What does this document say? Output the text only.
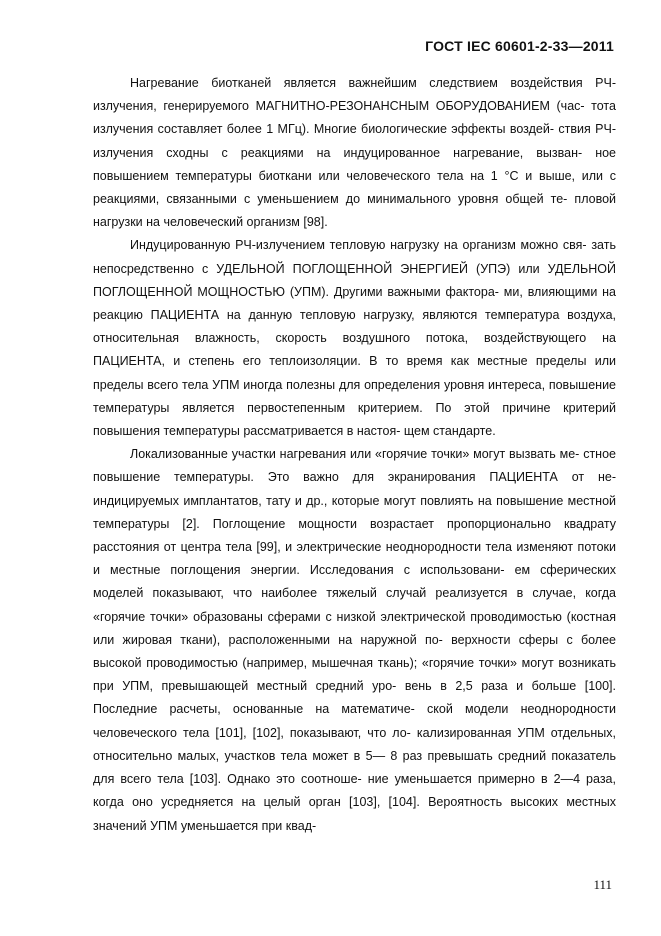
ГОСТ IEC 60601-2-33—2011

Нагревание биотканей является важнейшим следствием воздействия РЧ- излучения, генерируемого МАГНИТНО-РЕЗОНАНСНЫМ ОБОРУДОВАНИЕМ (час- тота излучения составляет более 1 МГц). Многие биологические эффекты воздей- ствия РЧ-излучения сходны с реакциями на индуцированное нагревание, вызван- ное повышением температуры биоткани или человеческого тела на 1 °С и выше, или с реакциями, связанными с уменьшением до минимального уровня общей те- пловой нагрузки на человеческий организм [98].

Индуцированную РЧ-излучением тепловую нагрузку на организм можно свя- зать непосредственно с УДЕЛЬНОЙ ПОГЛОЩЕННОЙ ЭНЕРГИЕЙ (УПЭ) или УДЕЛЬНОЙ ПОГЛОЩЕННОЙ МОЩНОСТЬЮ (УПМ). Другими важными фактора- ми, влияющими на реакцию ПАЦИЕНТА на данную тепловую нагрузку, являются температура воздуха, относительная влажность, скорость воздушного потока, воздействующего на ПАЦИЕНТА, и степень его теплоизоляции. В то время как местные пределы или пределы всего тела УПМ иногда полезны для определения уровня интереса, повышение температуры является первостепенным критерием. По этой причине критерий повышения температуры рассматривается в настоя- щем стандарте.

Локализованные участки нагревания или «горячие точки» могут вызвать ме- стное повышение температуры. Это важно для экранирования ПАЦИЕНТА от не- индицируемых имплантатов, тату и др., которые могут повлиять на повышение местной температуры [2]. Поглощение мощности возрастает пропорционально квадрату расстояния от центра тела [99], и электрические неоднородности тела изменяют потоки и местные поглощения энергии. Исследования с использовани- ем сферических моделей показывают, что наиболее тяжелый случай реализуется в случае, когда «горячие точки» образованы сферами с низкой электрической проводимостью (костная или жировая ткани), расположенными на наружной по- верхности сферы с более высокой проводимостью (например, мышечная ткань); «горячие точки» могут возникать при УПМ, превышающей местный средний уро- вень в 2,5 раза и больше [100]. Последние расчеты, основанные на математиче- ской модели неоднородности человеческого тела [101], [102], показывают, что ло- кализированная УПМ отдельных, относительно малых, участков тела может в 5— 8 раз превышать средний показатель для всего тела [103]. Однако это соотноше- ние уменьшается примерно в 2—4 раза, когда оно усредняется на целый орган [103], [104]. Вероятность высоких местных значений УПМ уменьшается при квад-

111
